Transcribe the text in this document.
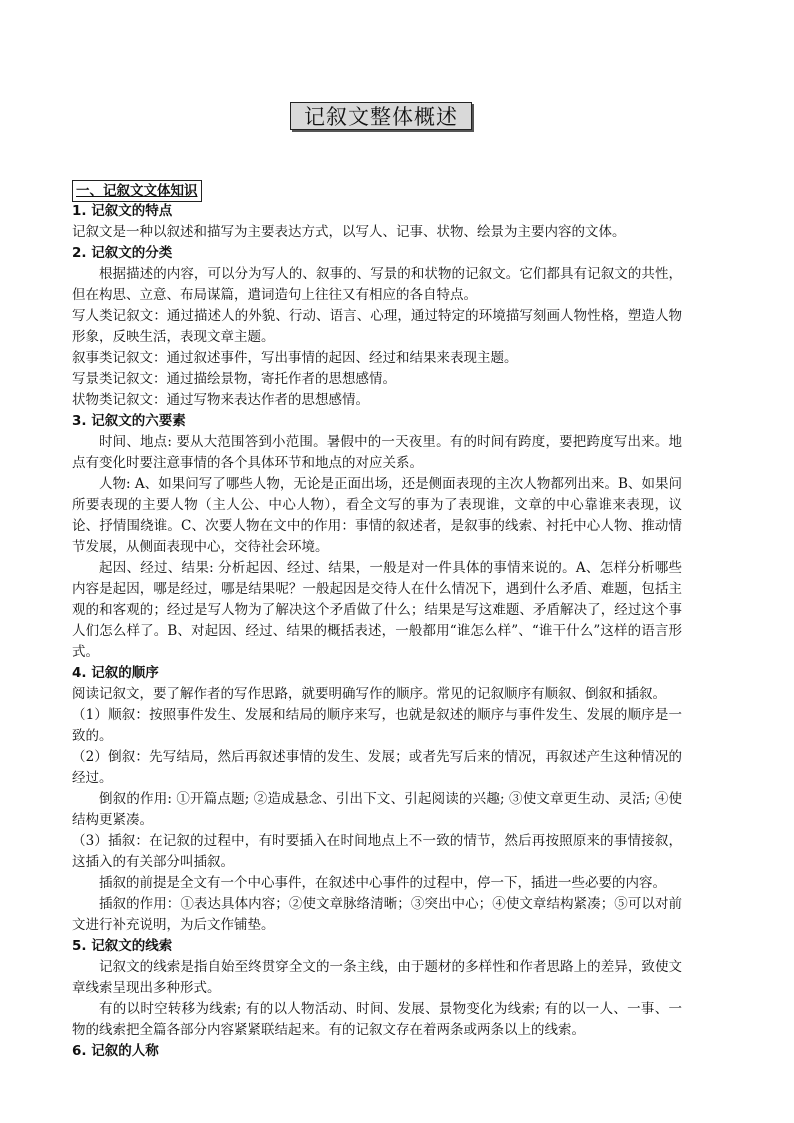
记叙文整体概述
一、记叙文文体知识

1. 记叙文的特点

记叙文是一种以叙述和描写为主要表达方式，以写人、记事、状物、绘景为主要内容的文体。

2. 记叙文的分类

根据描述的内容，可以分为写人的、叙事的、写景的和状物的记叙文。它们都具有记叙文的共性，但在构思、立意、布局谋篇，遣词造句上往往又有相应的各自特点。

写人类记叙文：通过描述人的外貌、行动、语言、心理，通过特定的环境描写刻画人物性格，塑造人物形象，反映生活，表现文章主题。

叙事类记叙文：通过叙述事件，写出事情的起因、经过和结果来表现主题。

写景类记叙文：通过描绘景物，寄托作者的思想感情。

状物类记叙文：通过写物来表达作者的思想感情。

3. 记叙文的六要素

时间、地点: 要从大范围答到小范围。暑假中的一天夜里。有的时间有跨度，要把跨度写出来。地点有变化时要注意事情的各个具体环节和地点的对应关系。

人物: A、如果问写了哪些人物，无论是正面出场，还是侧面表现的主次人物都列出来。B、如果问所要表现的主要人物（主人公、中心人物），看全文写的事为了表现谁，文章的中心靠谁来表现，议论、抒情围绕谁。C、次要人物在文中的作用：事情的叙述者，是叙事的线索、衬托中心人物、推动情节发展，从侧面表现中心，交待社会环境。

起因、经过、结果: 分析起因、经过、结果，一般是对一件具体的事情来说的。A、怎样分析哪些内容是起因，哪是经过，哪是结果呢？一般起因是交待人在什么情况下，遇到什么矛盾、难题，包括主观的和客观的；经过是写人物为了解决这个矛盾做了什么；结果是写这难题、矛盾解决了，经过这个事人们怎么样了。B、对起因、经过、结果的概括表述，一般都用“谁怎么样”、“谁干什么”这样的语言形式。

4. 记叙的顺序

阅读记叙文，要了解作者的写作思路，就要明确写作的顺序。常见的记叙顺序有顺叙、倒叙和插叙。

（1）顺叙：按照事件发生、发展和结局的顺序来写，也就是叙述的顺序与事件发生、发展的顺序是一致的。

（2）倒叙：先写结局，然后再叙述事情的发生、发展；或者先写后来的情况，再叙述产生这种情况的经过。

倒叙的作用: ①开篇点题; ②造成悬念、引出下文、引起阅读的兴趣; ③使文章更生动、灵活; ④使结构更紧凑。

（3）插叙：在记叙的过程中，有时要插入在时间地点上不一致的情节，然后再按照原来的事情接叙，这插入的有关部分叫插叙。

插叙的前提是全文有一个中心事件，在叙述中心事件的过程中，停一下，插进一些必要的内容。

插叙的作用：①表达具体内容；②使文章脉络清晰；③突出中心；④使文章结构紧凑；⑤可以对前文进行补充说明，为后文作铺垫。

5. 记叙文的线索

记叙文的线索是指自始至终贯穿全文的一条主线，由于题材的多样性和作者思路上的差异，致使文章线索呈现出多种形式。

有的以时空转移为线索; 有的以人物活动、时间、发展、景物变化为线索; 有的以一人、一事、一物的线索把全篇各部分内容紧紧联结起来。有的记叙文存在着两条或两条以上的线索。

6. 记叙的人称
